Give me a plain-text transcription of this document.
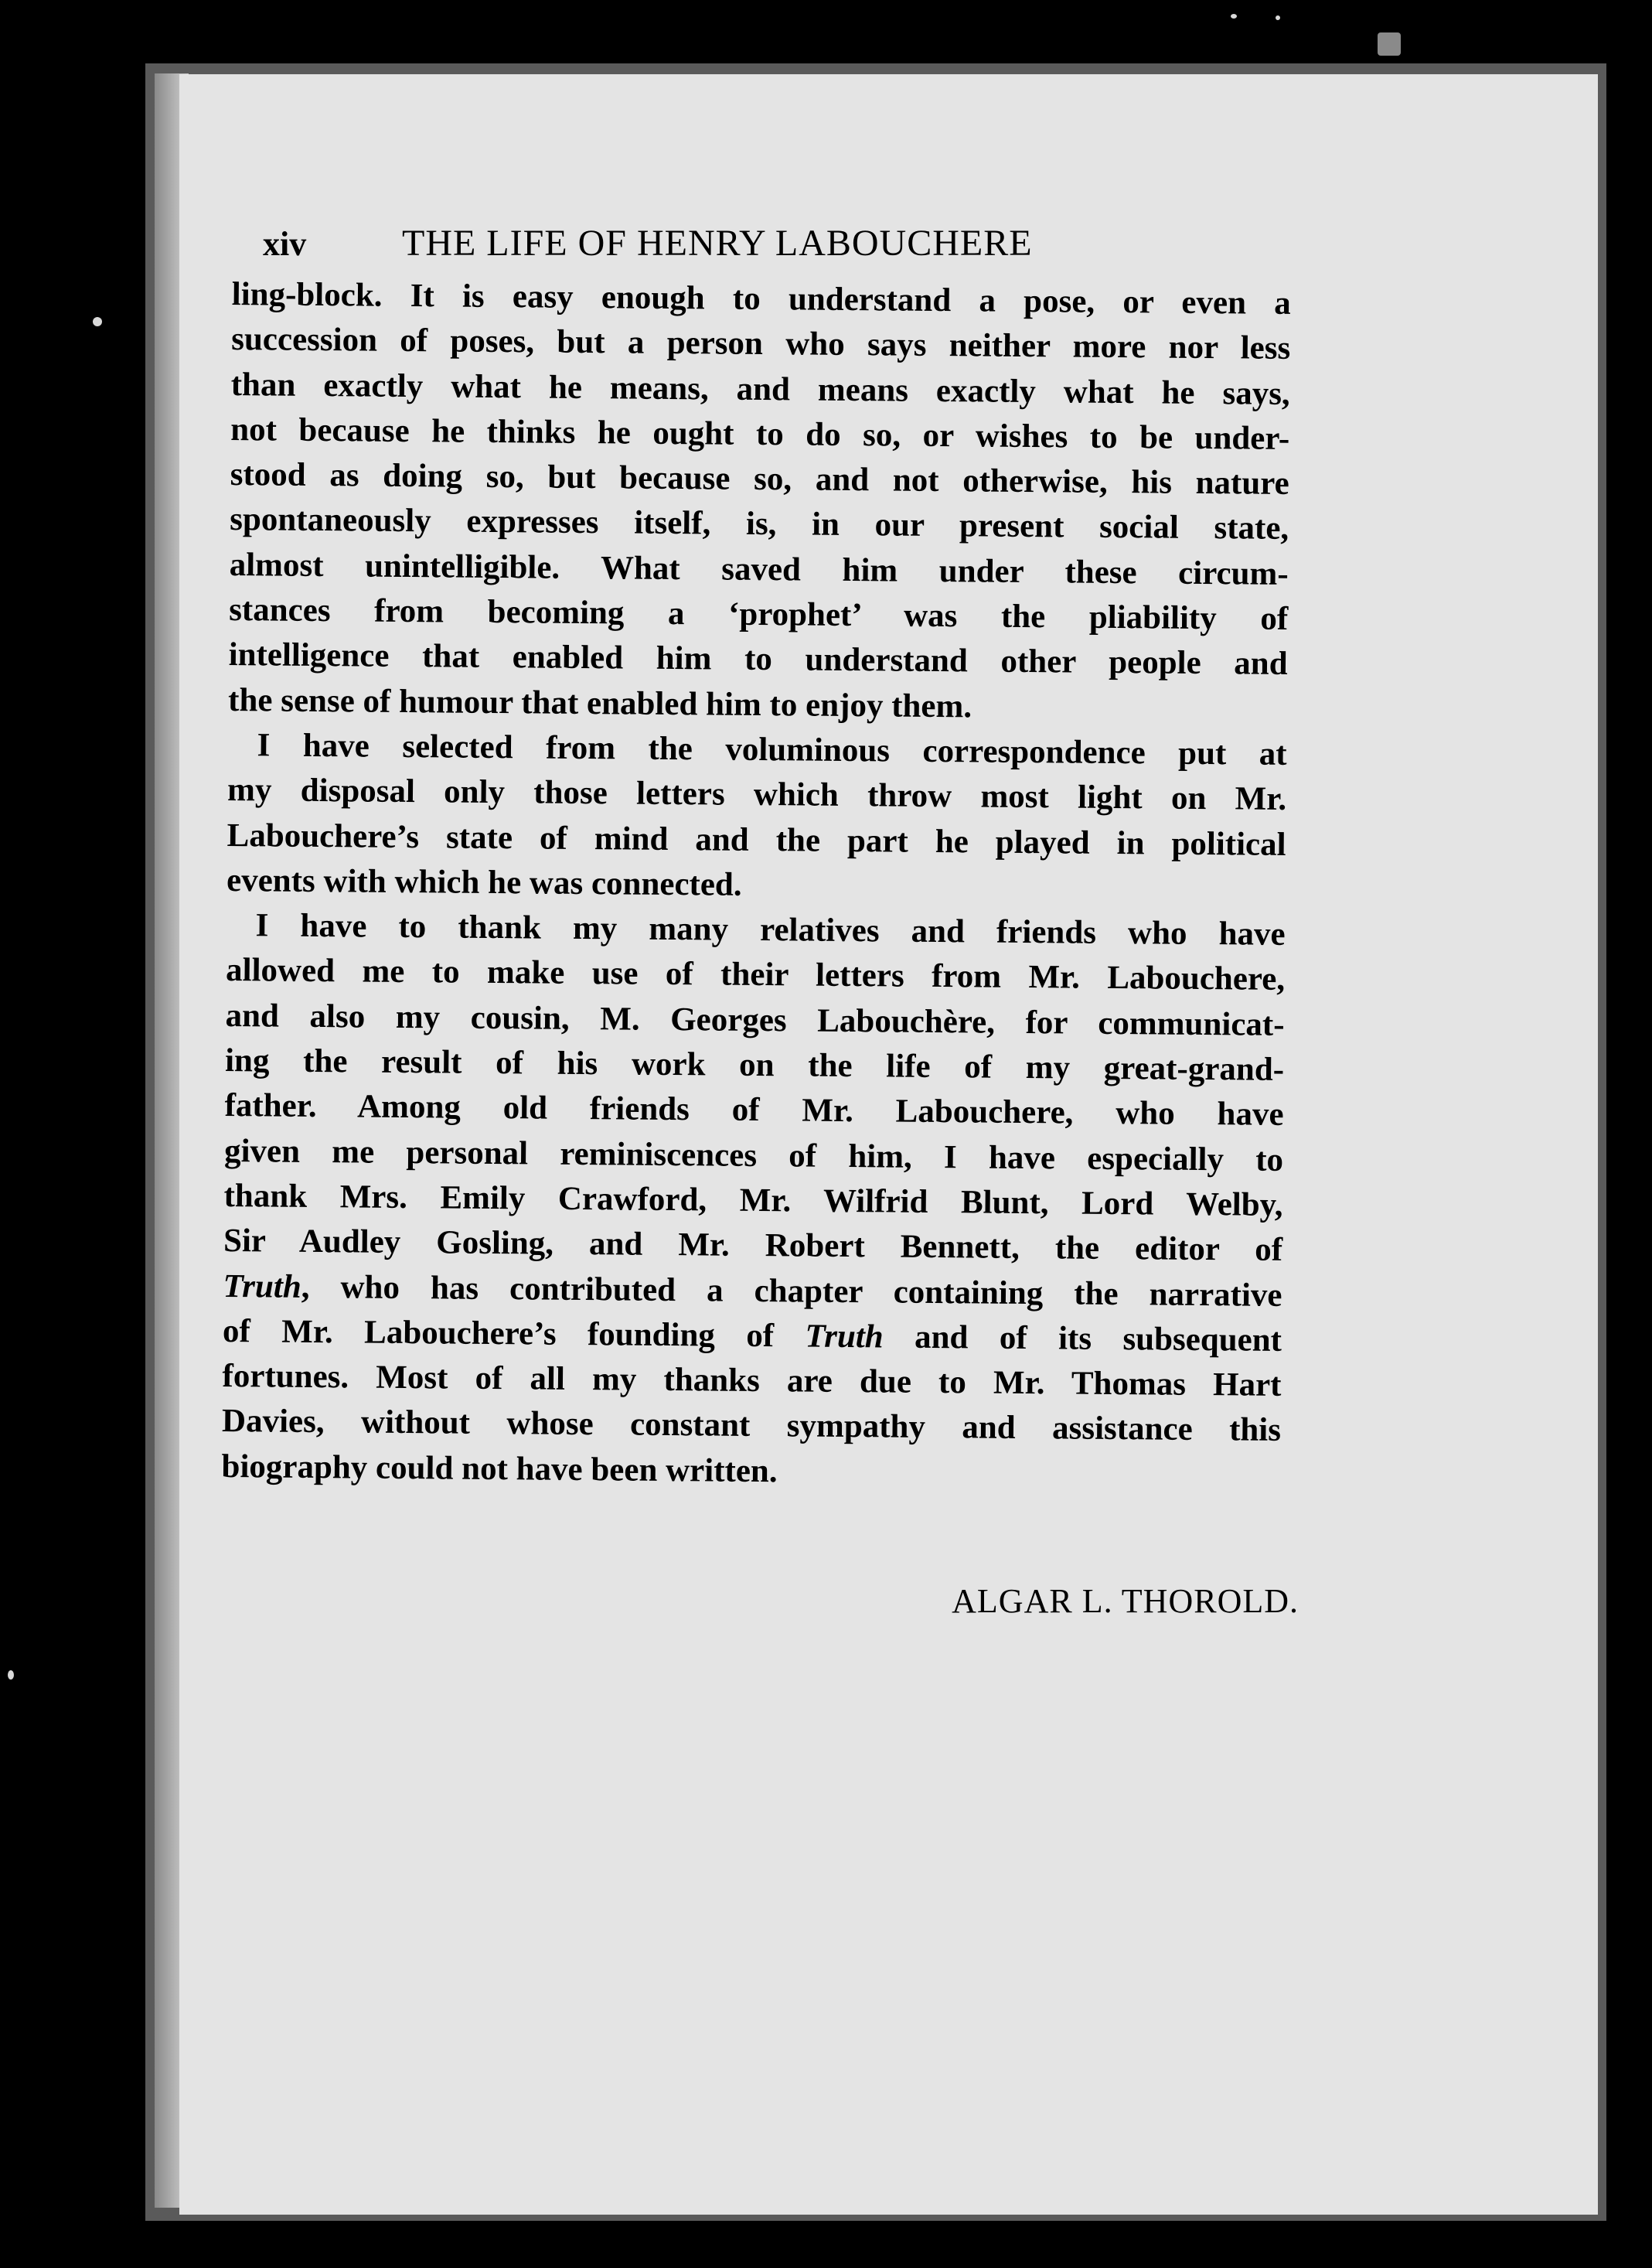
xiv	THE LIFE OF HENRY LABOUCHERE
ling-block. It is easy enough to understand a pose, or even a
succession of poses, but a person who says neither more nor less
than exactly what he means, and means exactly what he says,
not because he thinks he ought to do so, or wishes to be under-
stood as doing so, but because so, and not otherwise, his nature
spontaneously expresses itself, is, in our present social state,
almost unintelligible. What saved him under these circum-
stances from becoming a ‘prophet’ was the pliability of
intelligence that enabled him to understand other people and
the sense of humour that enabled him to enjoy them.
I have selected from the voluminous correspondence put at
my disposal only those letters which throw most light on Mr.
Labouchere’s state of mind and the part he played in political
events with which he was connected.
I have to thank my many relatives and friends who have
allowed me to make use of their letters from Mr. Labouchere,
and also my cousin, M. Georges Labouchère, for communicat-
ing the result of his work on the life of my great-grand-
father. Among old friends of Mr. Labouchere, who have
given me personal reminiscences of him, I have especially to
thank Mrs. Emily Crawford, Mr. Wilfrid Blunt, Lord Welby,
Sir Audley Gosling, and Mr. Robert Bennett, the editor of
Truth, who has contributed a chapter containing the narrative
of Mr. Labouchere’s founding of Truth and of its subsequent
fortunes. Most of all my thanks are due to Mr. Thomas Hart
Davies, without whose constant sympathy and assistance this
biography could not have been written.
ALGAR L. THOROLD.
